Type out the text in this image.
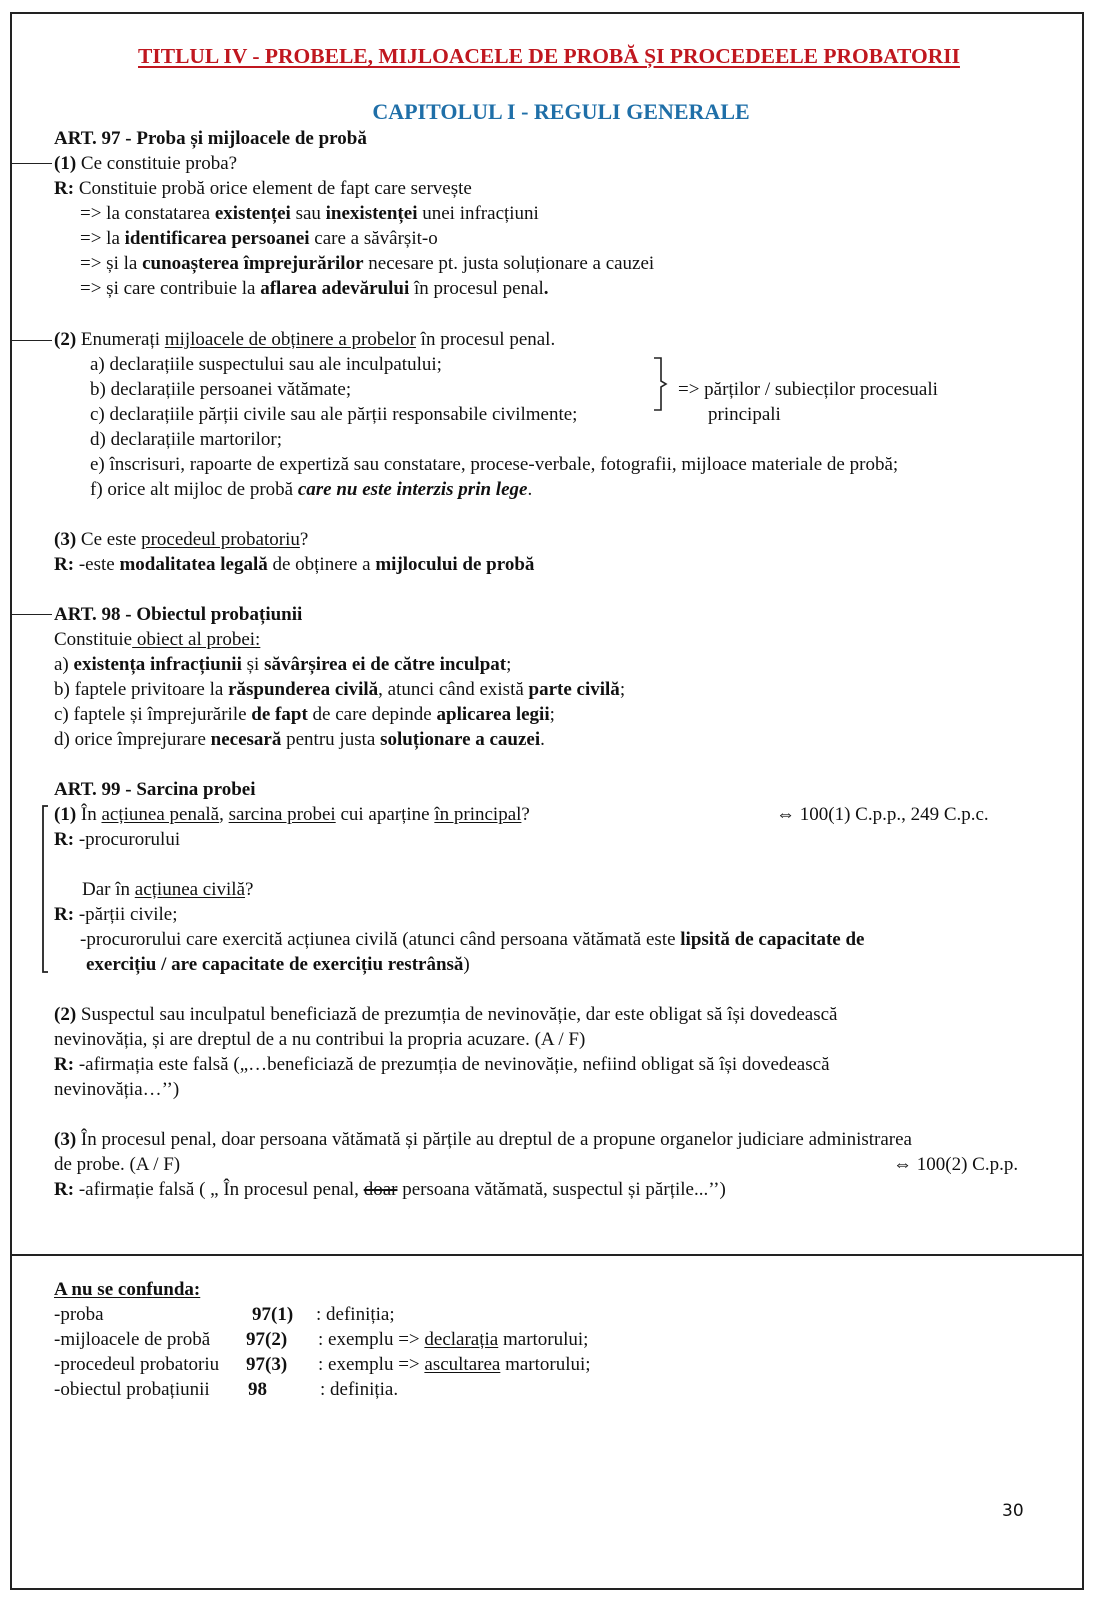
TITLUL IV - PROBELE, MIJLOACELE DE PROBĂ ȘI PROCEDEELE PROBATORII
CAPITOLUL I - REGULI GENERALE
ART. 97 - Proba și mijloacele de probă
(1) Ce constituie proba?
R: Constituie probă orice element de fapt care servește
=> la constatarea existenței sau inexistenței unei infracțiuni
=> la identificarea persoanei care a săvârșit-o
=> și la cunoașterea împrejurărilor necesare pt. justa soluționare a cauzei
=> și care contribuie la aflarea adevărului în procesul penal.
(2) Enumerați mijloacele de obținere a probelor în procesul penal.
a) declarațiile suspectului sau ale inculpatului;
b) declarațiile persoanei vătămate;
c) declarațiile părții civile sau ale părții responsabile civilmente;
d) declarațiile martorilor;
e) înscrisuri, rapoarte de expertiză sau constatare, procese-verbale, fotografii, mijloace materiale de probă;
f) orice alt mijloc de probă care nu este interzis prin lege.
=> părților / subiecților procesuali
principali
(3) Ce este procedeul probatoriu?
R: -este modalitatea legală de obținere a mijlocului de probă
ART. 98 - Obiectul probațiunii
Constituie obiect al probei:
a) existența infracțiunii și săvârșirea ei de către inculpat;
b) faptele privitoare la răspunderea civilă, atunci când există parte civilă;
c) faptele și împrejurările de fapt de care depinde aplicarea legii;
d) orice împrejurare necesară pentru justa soluționare a cauzei.
ART. 99 - Sarcina probei
(1) În acțiunea penală, sarcina probei cui aparține în principal?	⇔ 100(1) C.p.p., 249 C.p.c.
R: -procurorului
Dar în acțiunea civilă?
R: -părții civile;
-procurorului care exercită acțiunea civilă (atunci când persoana vătămată este lipsită de capacitate de
exercițiu / are capacitate de exercițiu restrânsă)
(2) Suspectul sau inculpatul beneficiază de prezumția de nevinovăție, dar este obligat să își dovedească
nevinovăția, și are dreptul de a nu contribui la propria acuzare. (A / F)
R: -afirmația este falsă („…beneficiază de prezumția de nevinovăție, nefiind obligat să își dovedească
nevinovăția…’’)
(3) În procesul penal, doar persoana vătămată și părțile au dreptul de a propune organelor judiciare administrarea
de probe. (A / F)	⇔ 100(2) C.p.p.
R: -afirmație falsă ( „ În procesul penal, doar persoana vătămată, suspectul și părțile...’’)
A nu se confunda:
-proba	97(1) : definiția;
-mijloacele de probă 97(2) : exemplu => declarația martorului;
-procedeul probatoriu 97(3) : exemplu => ascultarea martorului;
-obiectul probațiunii 98	: definiția.
30
